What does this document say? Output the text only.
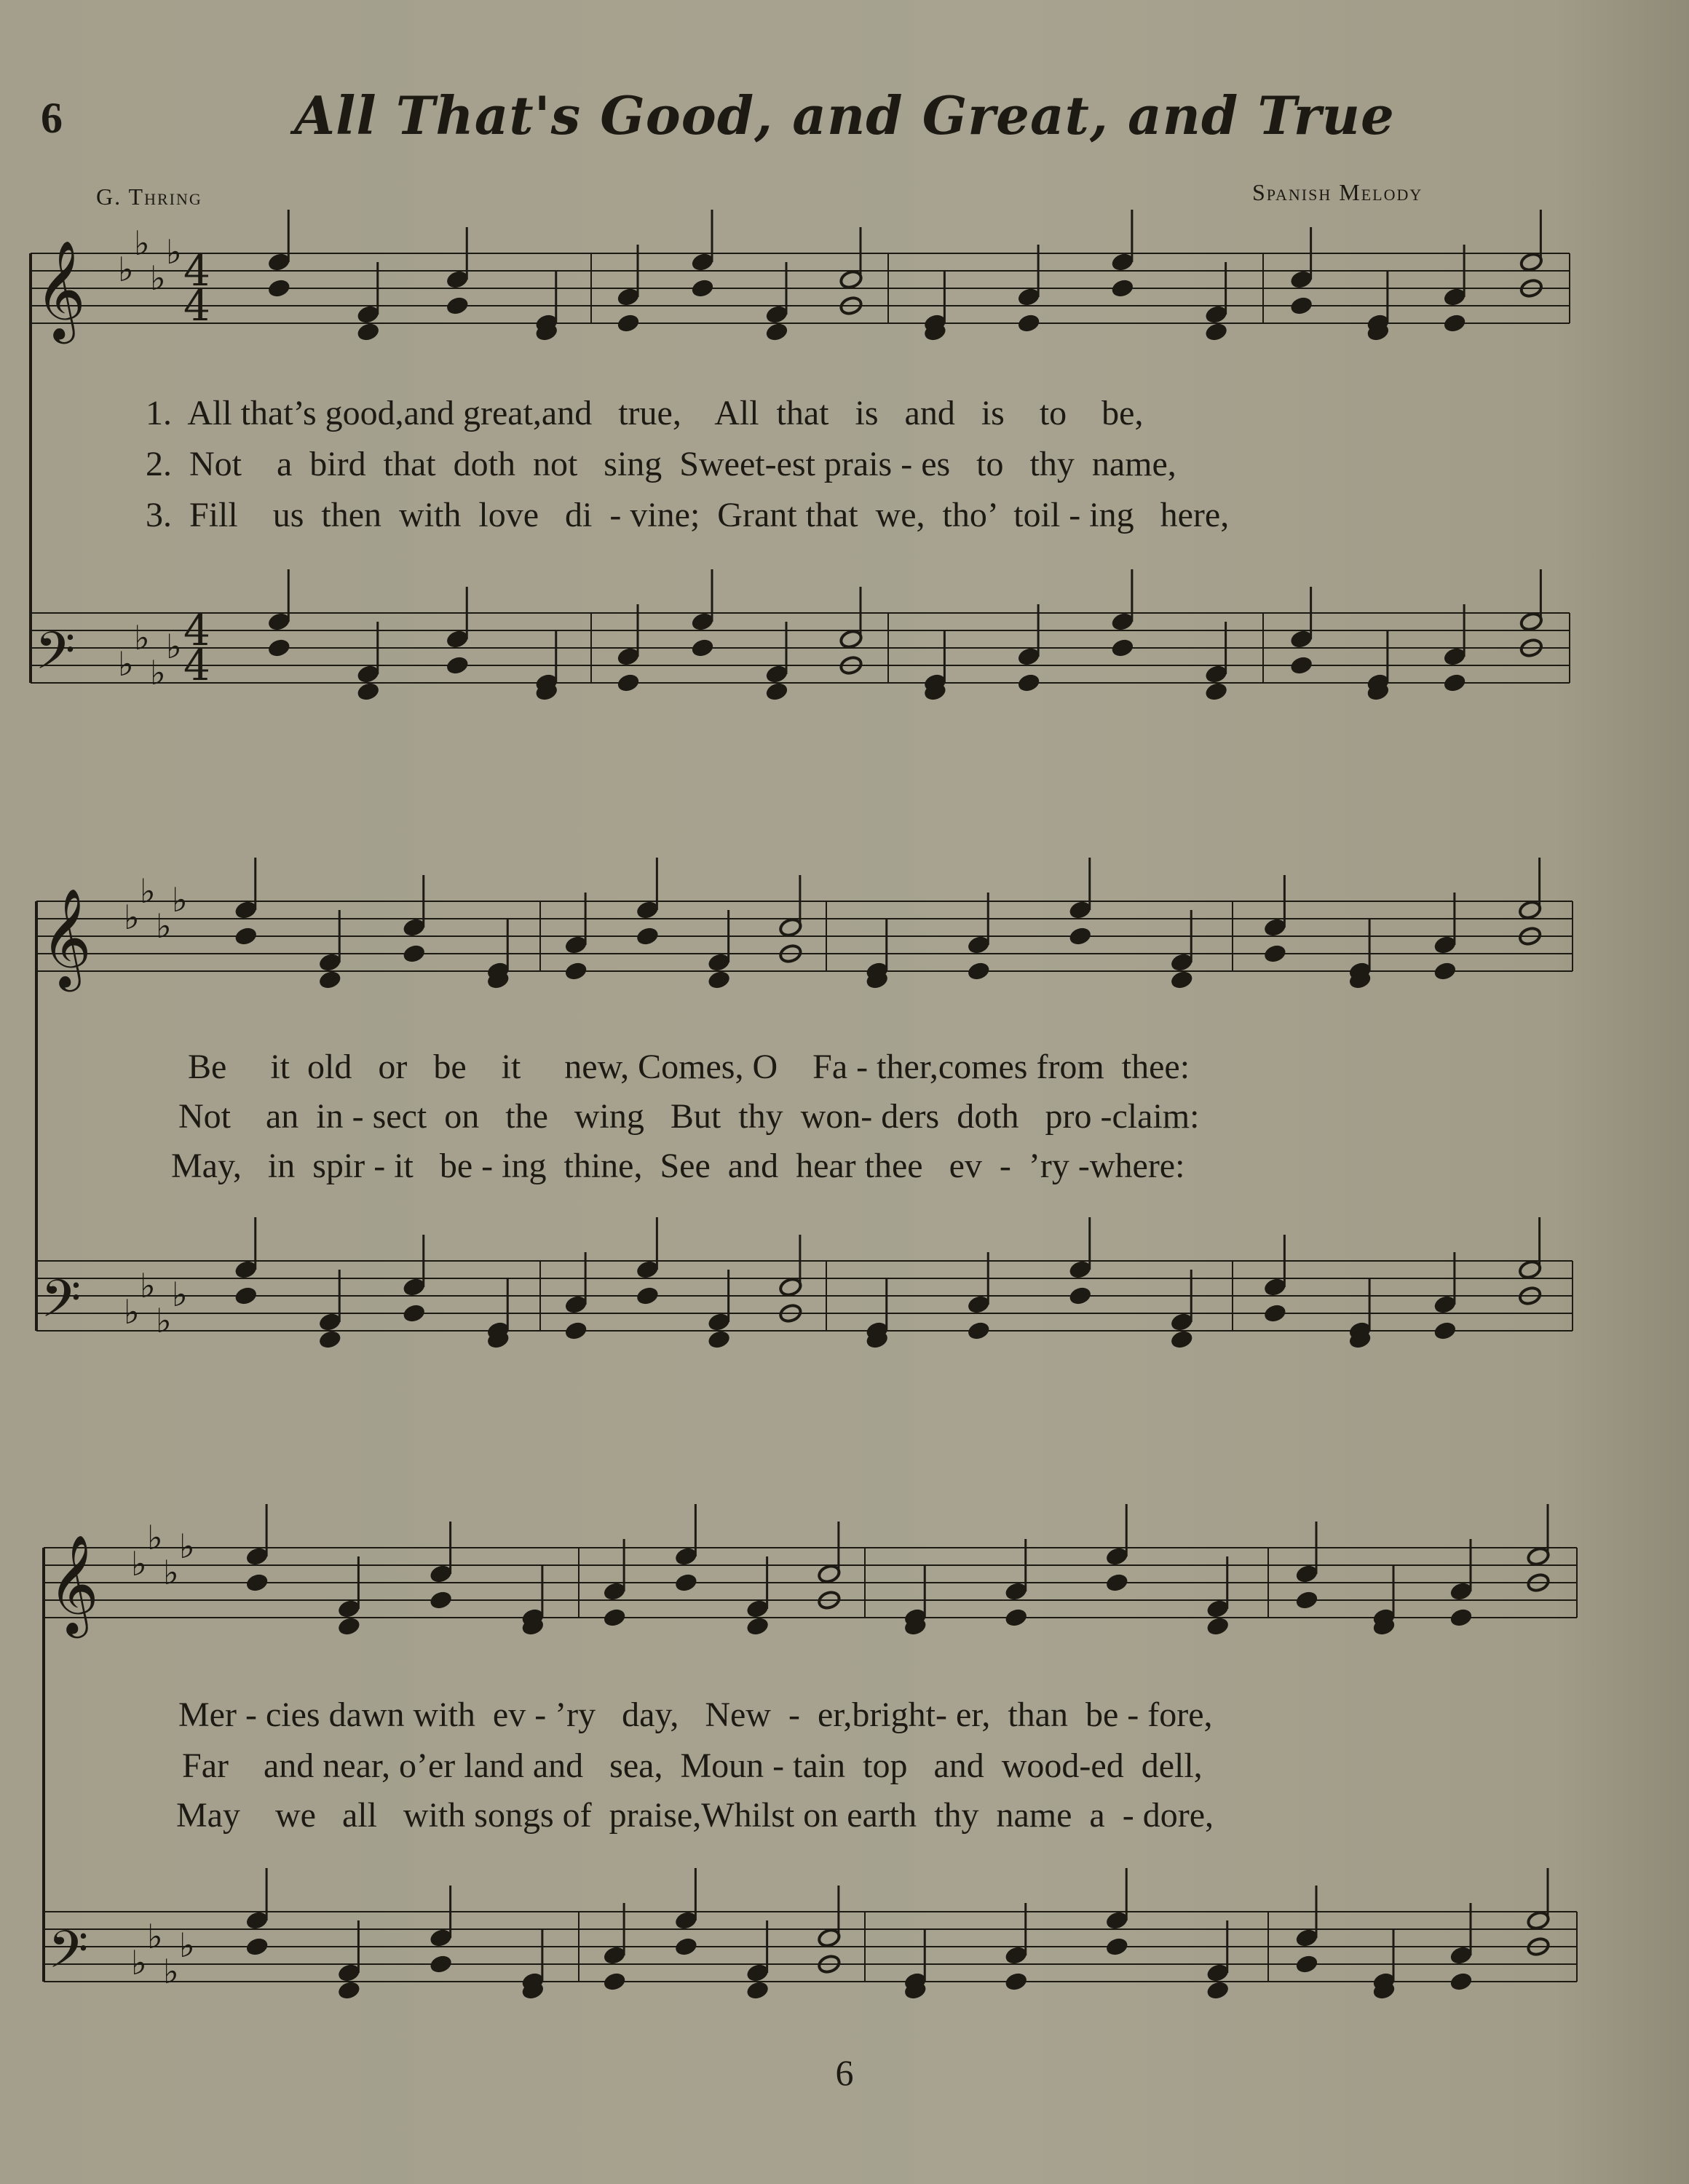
6	All That's Good, and Great, and True
G. Thring	Spanish Melody
𝄞 ♭
♭
♭
♭ 4
4
𝄢 ♭
♭
♭
♭ 4
4
𝄞 ♭
♭
♭
♭
𝄢 ♭
♭
♭
♭
𝄞 ♭
♭
♭
♭
𝄢 ♭
♭
♭
♭
1.  All that’s good,and great,and   true,    All  that   is   and   is    to    be,
2.  Not    a  bird  that  doth  not   sing  Sweet-est prais - es   to   thy  name,
3.  Fill    us  then  with  love   di  - vine;  Grant that  we,  tho’  toil - ing   here,
Be     it  old   or   be    it     new, Comes, O    Fa - ther,comes from  thee:
Not    an  in - sect  on   the   wing   But  thy  won- ders  doth   pro -claim:
May,   in  spir - it   be - ing  thine,  See  and  hear thee   ev  -  ’ry -where:
Mer - cies dawn with  ev - ’ry   day,   New  -  er,bright- er,  than  be - fore,
Far    and near, o’er land and   sea,  Moun - tain  top   and  wood-ed  dell,
May    we   all   with songs of  praise,Whilst on earth  thy  name  a  - dore,
6
